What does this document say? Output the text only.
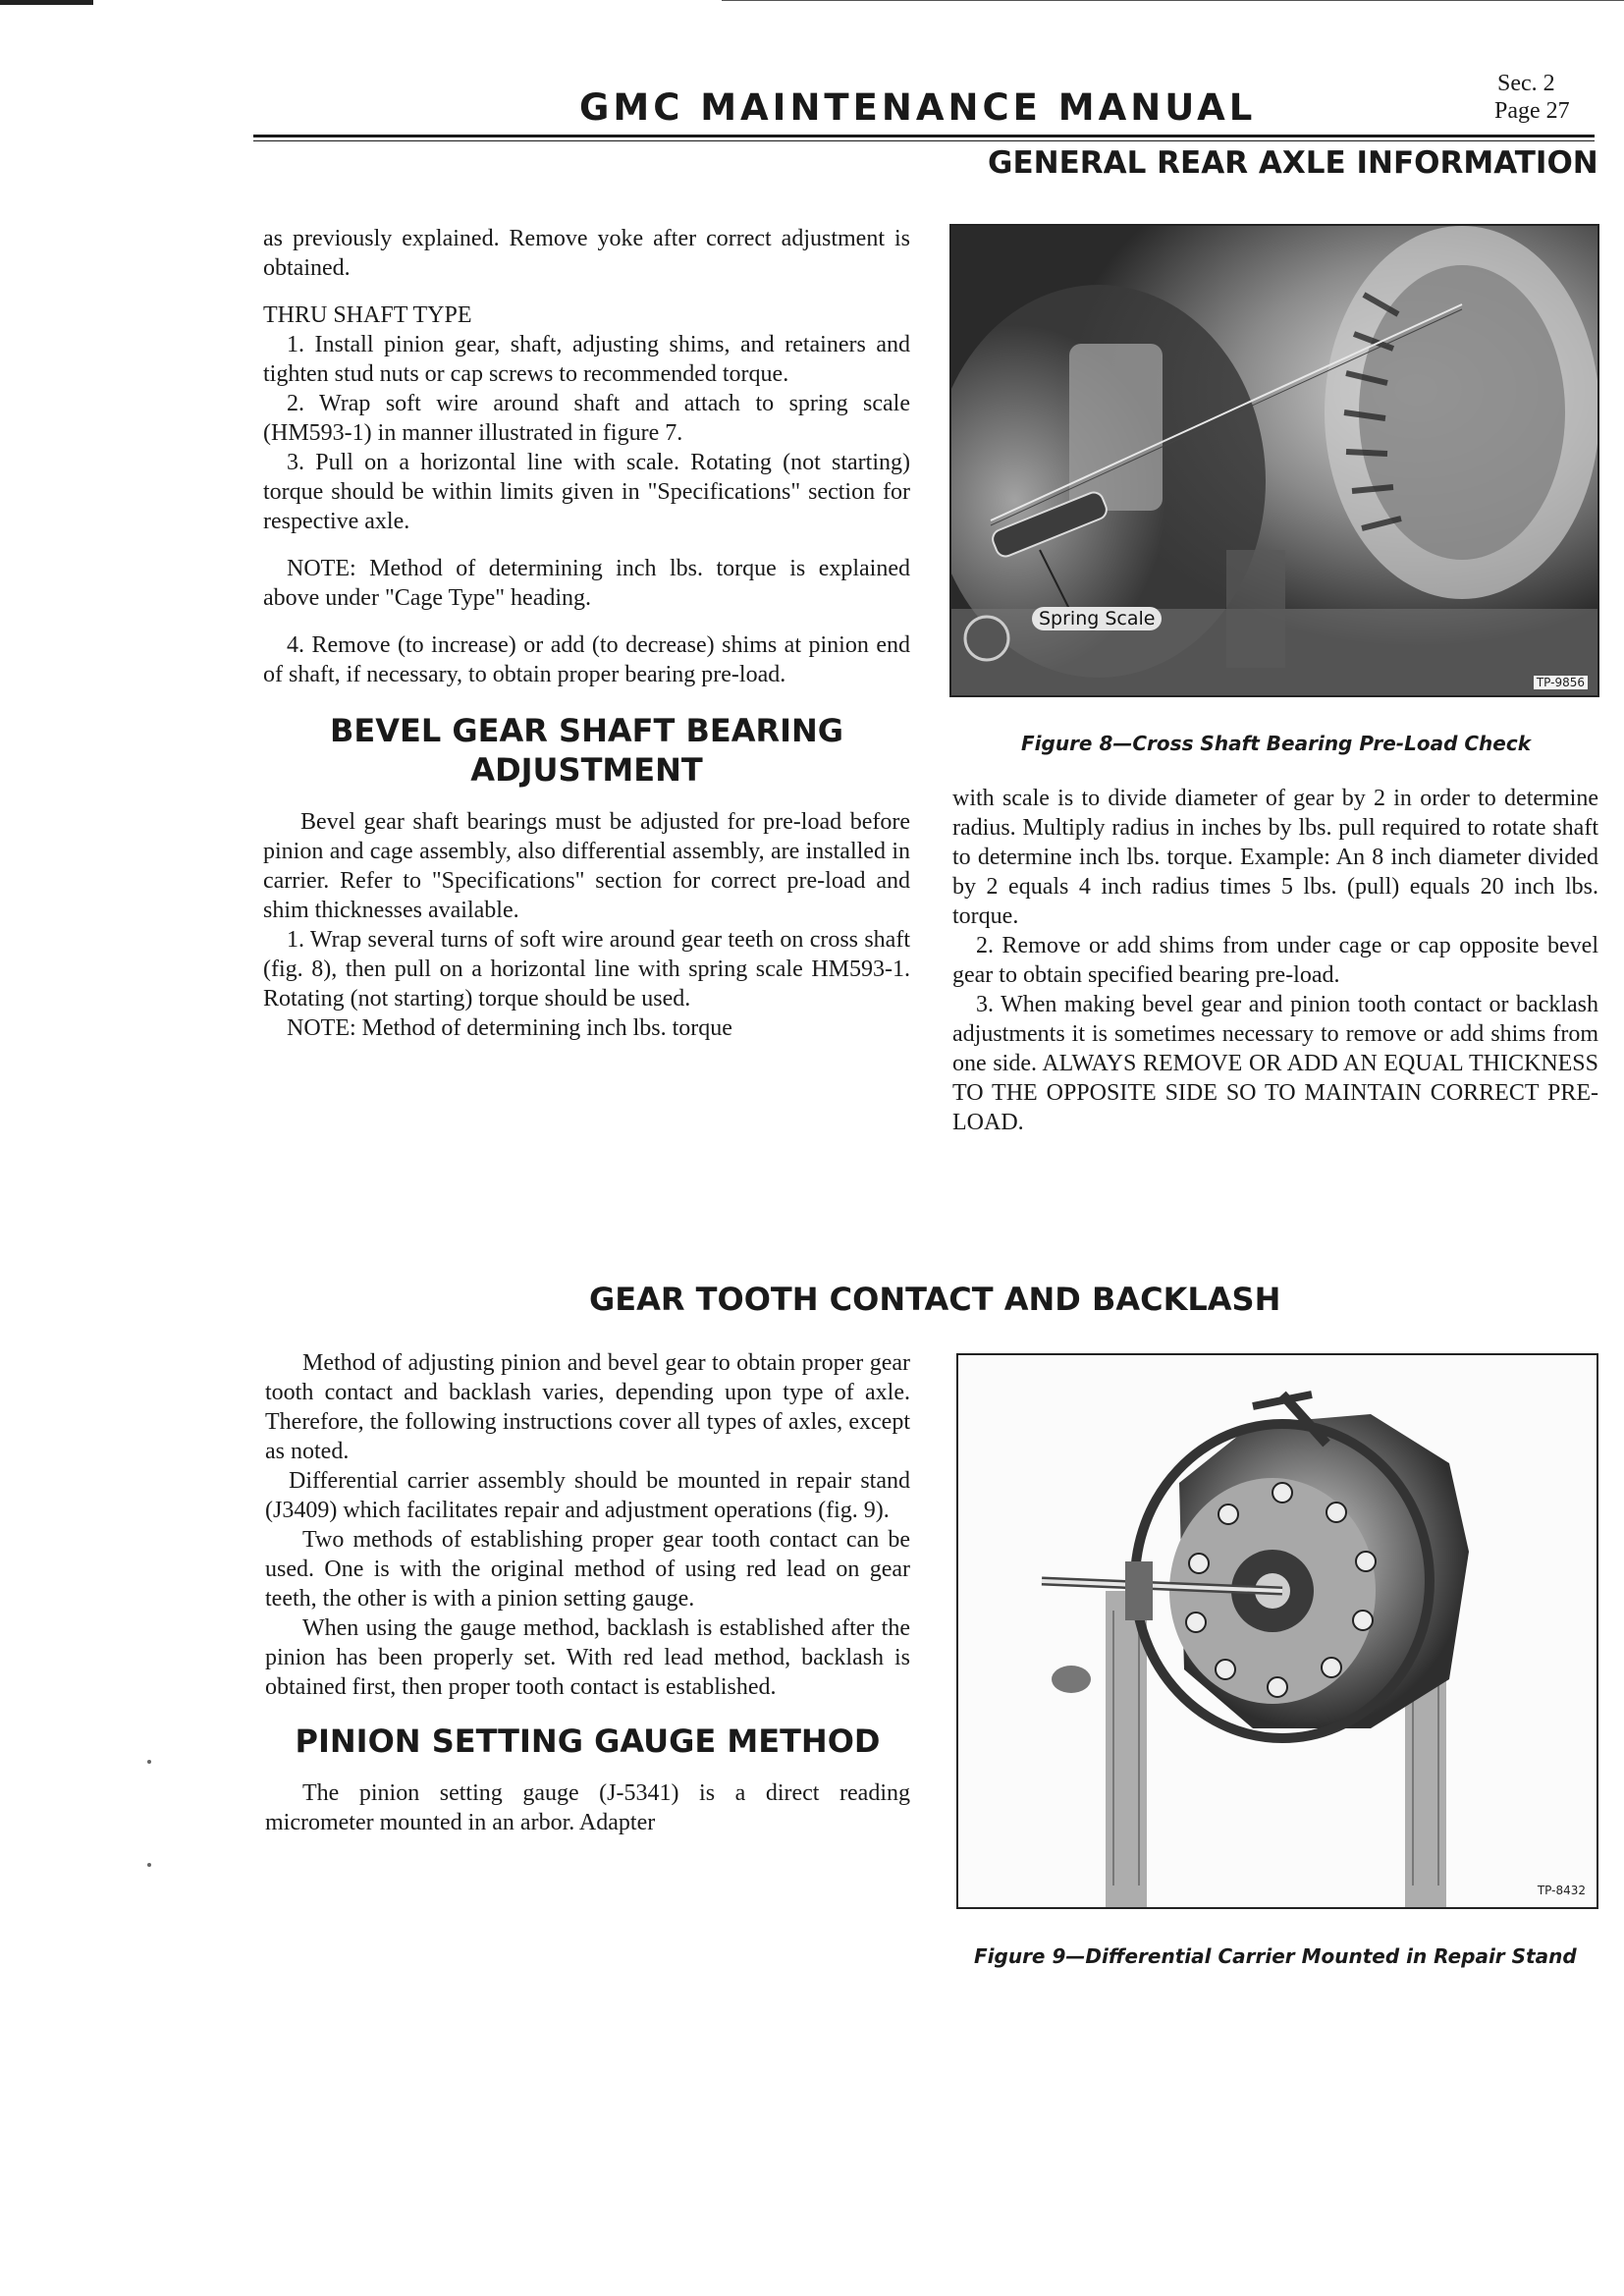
GMC MAINTENANCE MANUAL
Sec. 2
Page 27
GENERAL REAR AXLE INFORMATION

as previously explained. Remove yoke after correct adjustment is obtained.

THRU SHAFT TYPE

1. Install pinion gear, shaft, adjusting shims, and retainers and tighten stud nuts or cap screws to recommended torque.

2. Wrap soft wire around shaft and attach to spring scale (HM593-1) in manner illustrated in figure 7.

3. Pull on a horizontal line with scale. Rotating (not starting) torque should be within limits given in "Specifications" section for respective axle.

NOTE: Method of determining inch lbs. torque is explained above under "Cage Type" heading.

4. Remove (to increase) or add (to decrease) shims at pinion end of shaft, if necessary, to obtain proper bearing pre-load.

BEVEL GEAR SHAFT BEARING ADJUSTMENT

Bevel gear shaft bearings must be adjusted for pre-load before pinion and cage assembly, also differential assembly, are installed in carrier. Refer to "Specifications" section for correct pre-load and shim thicknesses available.

1. Wrap several turns of soft wire around gear teeth on cross shaft (fig. 8), then pull on a horizontal line with spring scale HM593-1. Rotating (not starting) torque should be used.

NOTE: Method of determining inch lbs. torque

Spring Scale
TP-9856
Figure 8—Cross Shaft Bearing Pre-Load Check

with scale is to divide diameter of gear by 2 in order to determine radius. Multiply radius in inches by lbs. pull required to rotate shaft to determine inch lbs. torque. Example: An 8 inch diameter divided by 2 equals 4 inch radius times 5 lbs. (pull) equals 20 inch lbs. torque.

2. Remove or add shims from under cage or cap opposite bevel gear to obtain specified bearing pre-load.

3. When making bevel gear and pinion tooth contact or backlash adjustments it is sometimes necessary to remove or add shims from one side. ALWAYS REMOVE OR ADD AN EQUAL THICKNESS TO THE OPPOSITE SIDE SO TO MAINTAIN CORRECT PRE-LOAD.

GEAR TOOTH CONTACT AND BACKLASH

Method of adjusting pinion and bevel gear to obtain proper gear tooth contact and backlash varies, depending upon type of axle. Therefore, the following instructions cover all types of axles, except as noted.

Differential carrier assembly should be mounted in repair stand (J3409) which facilitates repair and adjustment operations (fig. 9).

Two methods of establishing proper gear tooth contact can be used. One is with the original method of using red lead on gear teeth, the other is with a pinion setting gauge.

When using the gauge method, backlash is established after the pinion has been properly set. With red lead method, backlash is obtained first, then proper tooth contact is established.

PINION SETTING GAUGE METHOD

The pinion setting gauge (J-5341) is a direct reading micrometer mounted in an arbor. Adapter

TP-8432
Figure 9—Differential Carrier Mounted in Repair Stand
